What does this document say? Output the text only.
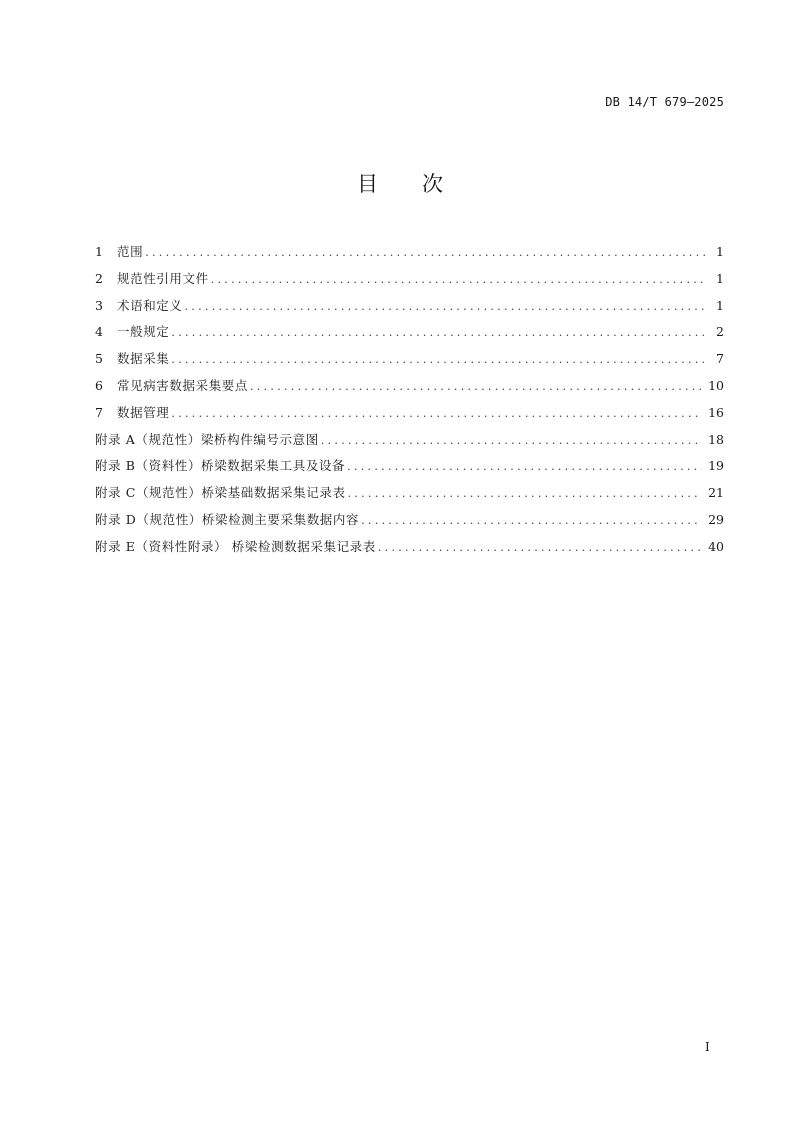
DB 14/T 679—2025
目 次
1	范围 .....	1
2	规范性引用文件 .....	1
3	术语和定义 .....	1
4	一般规定 .....	2
5	数据采集 .....	7
6	常见病害数据采集要点 .....	10
7	数据管理 .....	16
附录 A（规范性）梁桥构件编号示意图 .....	18
附录 B（资料性）桥梁数据采集工具及设备 .....	19
附录 C（规范性）桥梁基础数据采集记录表 .....	21
附录 D（规范性）桥梁检测主要采集数据内容 .....	29
附录 E（资料性附录） 桥梁检测数据采集记录表 .....	40
I
